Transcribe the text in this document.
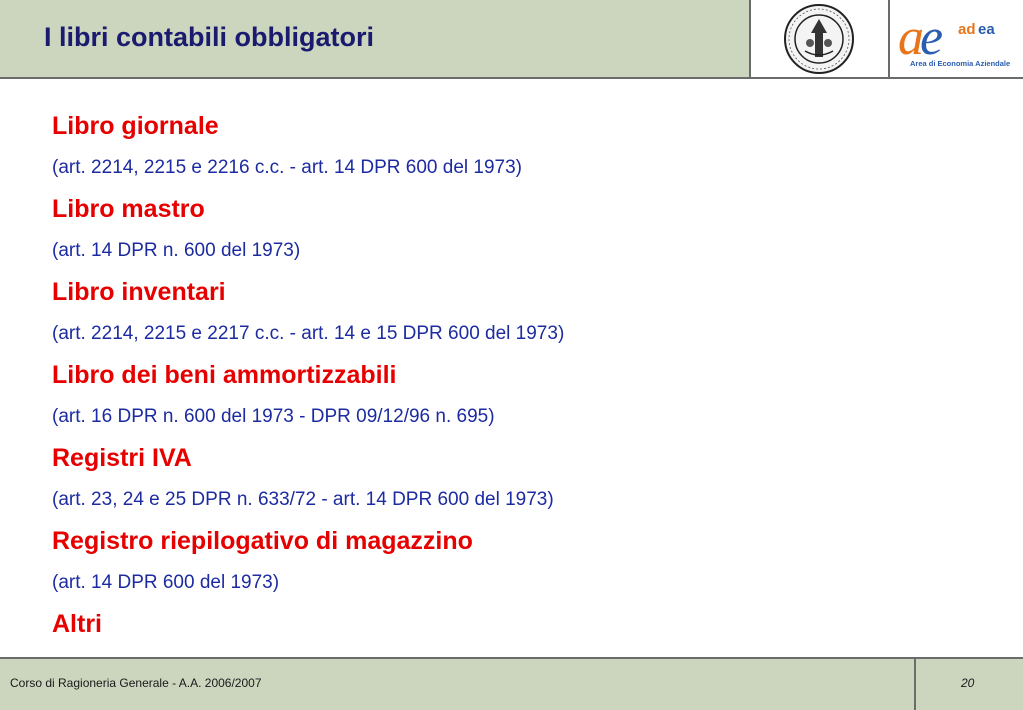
I libri contabili obbligatori	a
e ad ea
Area di Economia Aziendale
Libro giornale
(art. 2214, 2215 e 2216 c.c. - art. 14 DPR 600 del 1973)
Libro mastro
(art. 14 DPR n. 600 del 1973)
Libro inventari
(art. 2214, 2215 e 2217 c.c. - art. 14 e 15 DPR 600 del 1973)
Libro dei beni ammortizzabili
(art. 16 DPR n. 600 del 1973 - DPR 09/12/96 n. 695)
Registri IVA
(art. 23, 24 e 25 DPR n. 633/72 - art. 14 DPR 600 del 1973)
Registro riepilogativo di magazzino
(art. 14 DPR 600 del 1973)
Altri
Corso di Ragioneria Generale - A.A. 2006/2007	20
